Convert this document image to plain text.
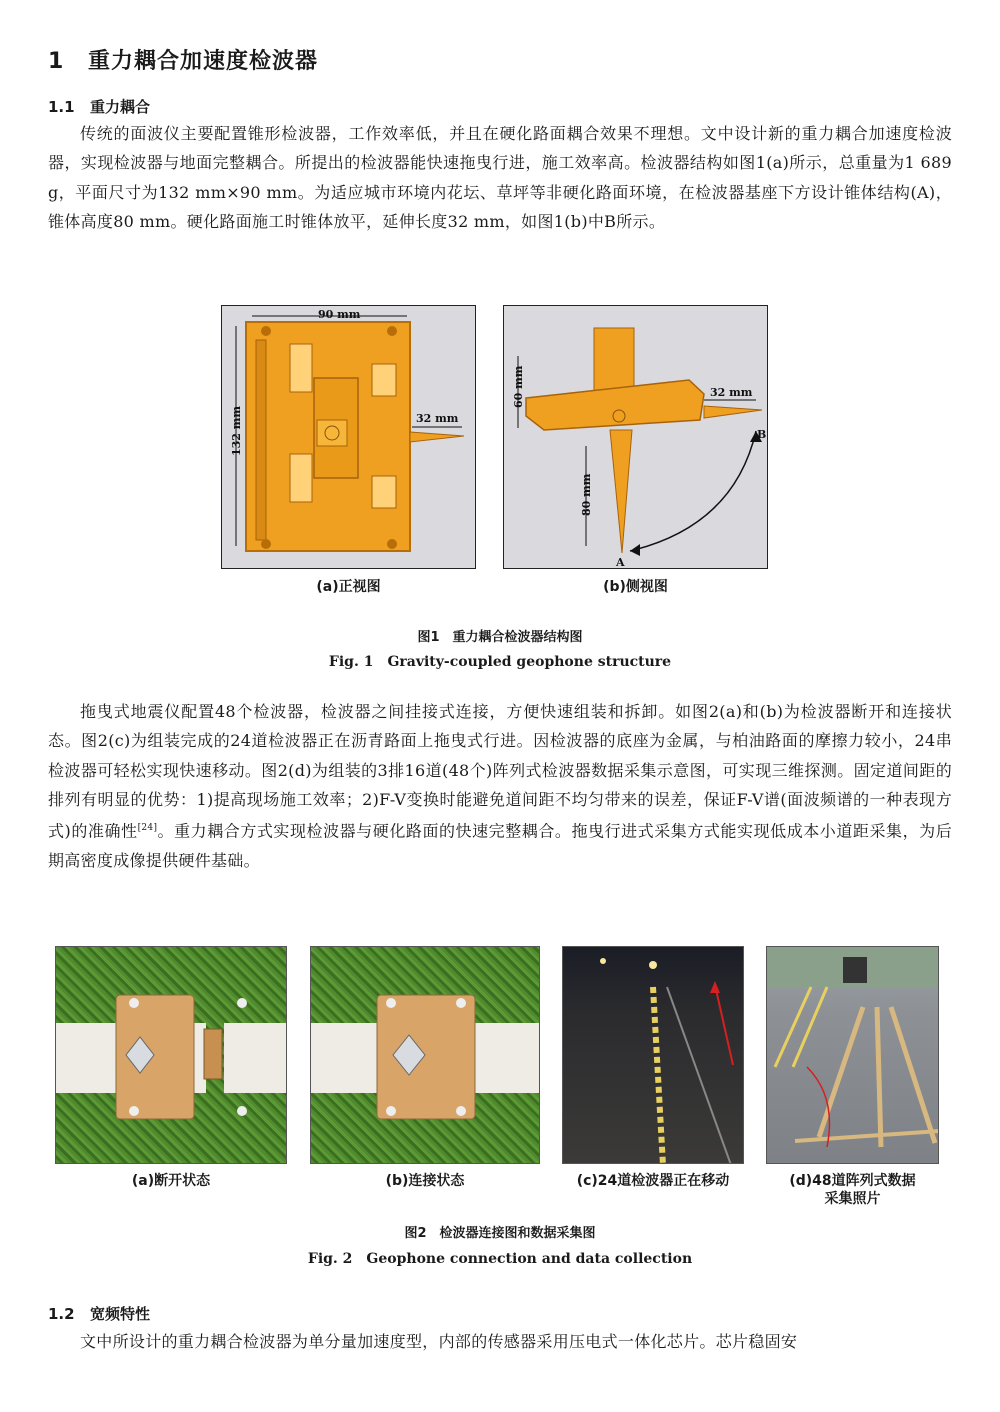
1 重力耦合加速度检波器
1.1 重力耦合

传统的面波仪主要配置锥形检波器，工作效率低，并且在硬化路面耦合效果不理想。文中设计新的重力耦合加速度检波器，实现检波器与地面完整耦合。所提出的检波器能快速拖曳行进，施工效率高。检波器结构如图1(a)所示，总重量为1 689 g，平面尺寸为132 mm×90 mm。为适应城市环境内花坛、草坪等非硬化路面环境，在检波器基座下方设计锥体结构(A)，锥体高度80 mm。硬化路面施工时锥体放平，延伸长度32 mm，如图1(b)中B所示。

90 mm
132 mm	32 mm
(a)正视图
60 mm
80 mm
32 mm
A
B
(b)侧视图
图1　重力耦合检波器结构图
Fig. 1　Gravity-coupled geophone structure

拖曳式地震仪配置48个检波器，检波器之间挂接式连接，方便快速组装和拆卸。如图2(a)和(b)为检波器断开和连接状态。图2(c)为组装完成的24道检波器正在沥青路面上拖曳式行进。因检波器的底座为金属，与柏油路面的摩擦力较小，24串检波器可轻松实现快速移动。图2(d)为组装的3排16道(48个)阵列式检波器数据采集示意图，可实现三维探测。固定道间距的排列有明显的优势：1)提高现场施工效率；2)F-V变换时能避免道间距不均匀带来的误差，保证F-V谱(面波频谱的一种表现方式)的准确性[24]。重力耦合方式实现检波器与硬化路面的快速完整耦合。拖曳行进式采集方式能实现低成本小道距采集，为后期高密度成像提供硬件基础。

(a)断开状态	(b)连接状态	(c)24道检波器正在移动	(d)48道阵列式数据
采集照片
图2　检波器连接图和数据采集图
Fig. 2　Geophone connection and data collection
1.2 宽频特性

文中所设计的重力耦合检波器为单分量加速度型，内部的传感器采用压电式一体化芯片。芯片稳固安
